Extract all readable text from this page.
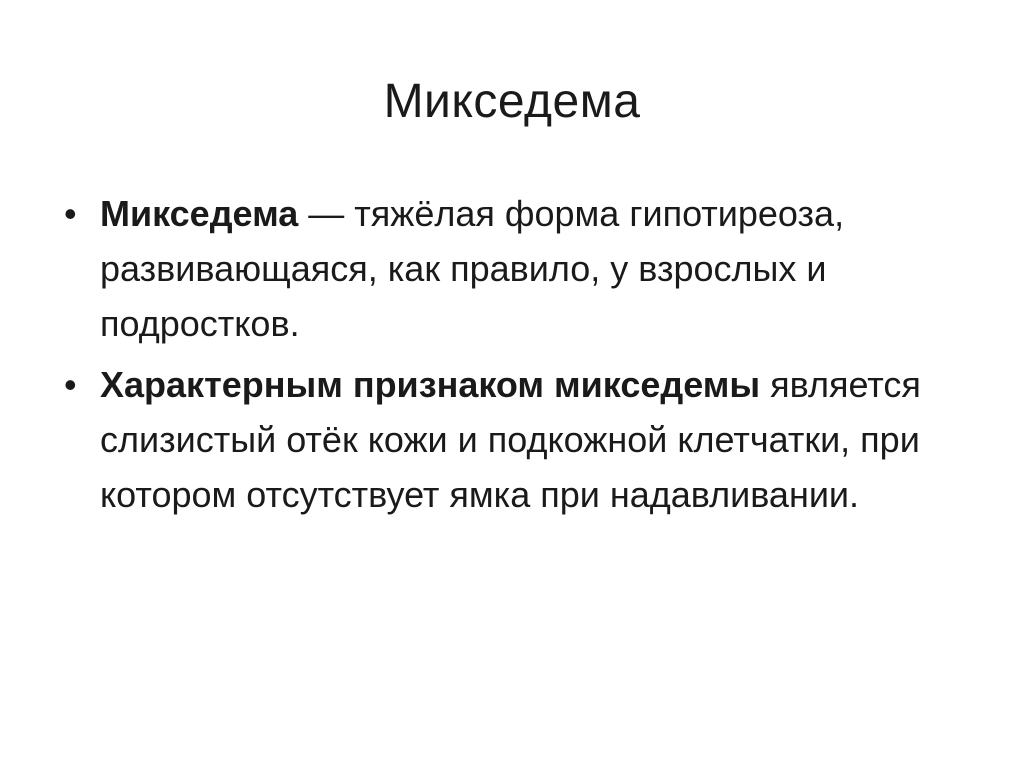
Микседема
• Микседема — тяжёлая форма гипотиреоза, развивающаяся, как правило, у взрослых и подростков.
• Характерным признаком микседемы является слизистый отёк кожи и подкожной клетчатки, при котором отсутствует ямка при надавливании.
